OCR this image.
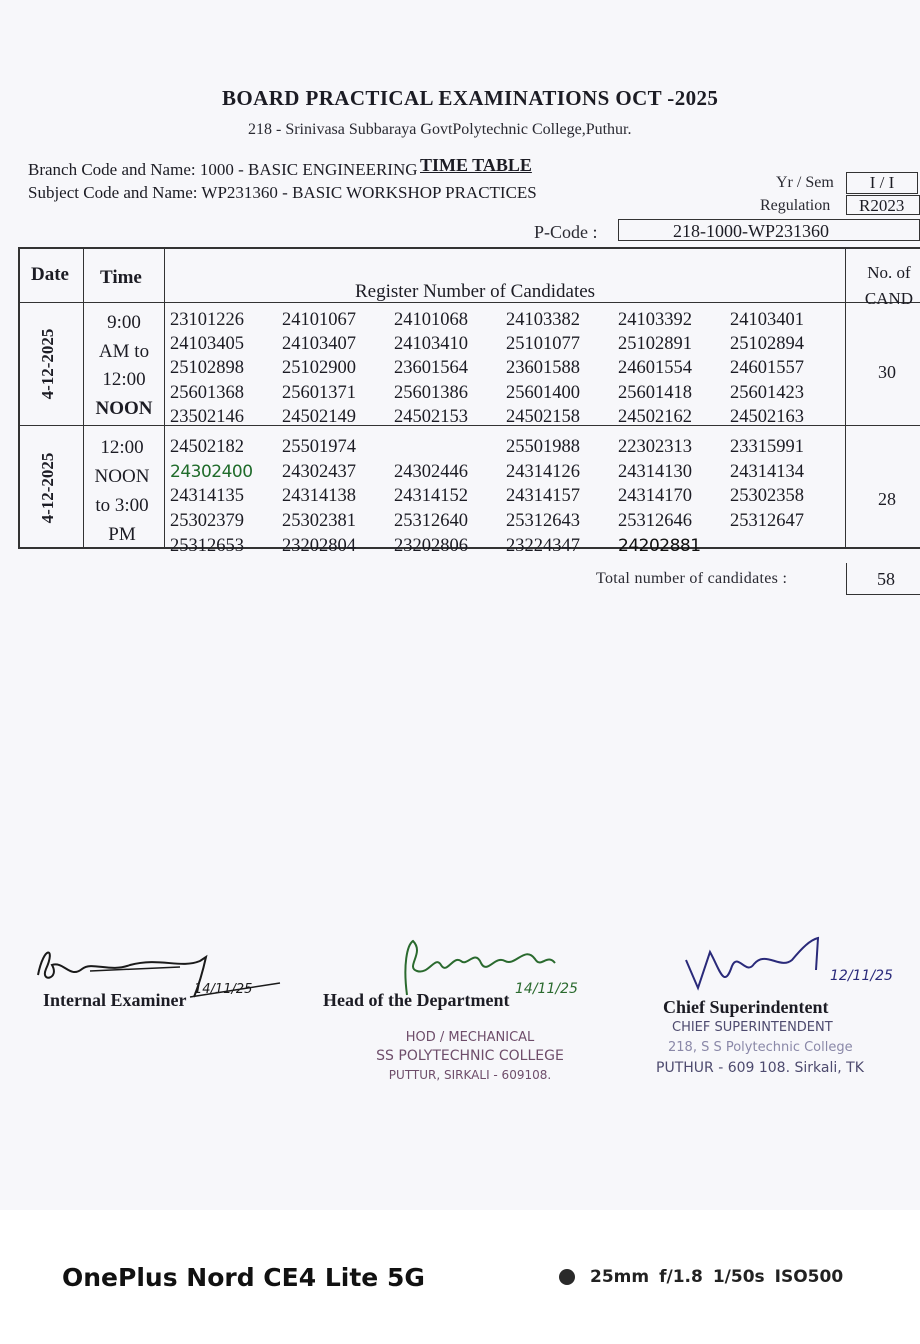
BOARD PRACTICAL EXAMINATIONS OCT -2025
218 - Srinivasa Subbaraya GovtPolytechnic College,Puthur.
TIME TABLE
Branch Code and Name: 1000 - BASIC ENGINEERING
Subject Code and Name: WP231360 - BASIC WORKSHOP PRACTICES
Yr / Sem	I / I
Regulation	R2023
P-Code :	218-1000-WP231360
Date Time
Register Number of Candidates
No. of
CAND
4-12-2025
9:00
AM to
12:00
NOON
23101226 24101067 24101068 24103382 24103392 24103401
24103405 24103407 24103410 25101077 25102891 25102894
25102898 25102900 23601564 23601588 24601554 24601557
25601368 25601371 25601386 25601400 25601418 25601423
23502146 24502149 24502153 24502158 24502162 24502163
30
4-12-2025
12:00
NOON
to 3:00
PM
24502182 25501974	25501988 22302313 23315991
24302400 24302437 24302446 24314126 24314130 24314134
24314135 24314138 24314152 24314157 24314170 25302358
25302379 25302381 25312640 25312643 25312646 25312647
25312653 23202804 23202806 23224347 24202881
28
Total number of candidates :	58
14/11/25
Internal Examiner
14/11/25
Head of the Department
HOD / MECHANICAL
SS POLYTECHNIC COLLEGE
PUTTUR, SIRKALI - 609108.
12/11/25
Chief Superindentent
CHIEF SUPERINTENDENT
218, S S Polytechnic College
PUTHUR - 609 108. Sirkali, TK
OnePlus Nord CE4 Lite 5G	25mm f/1.8 1/50s ISO500
